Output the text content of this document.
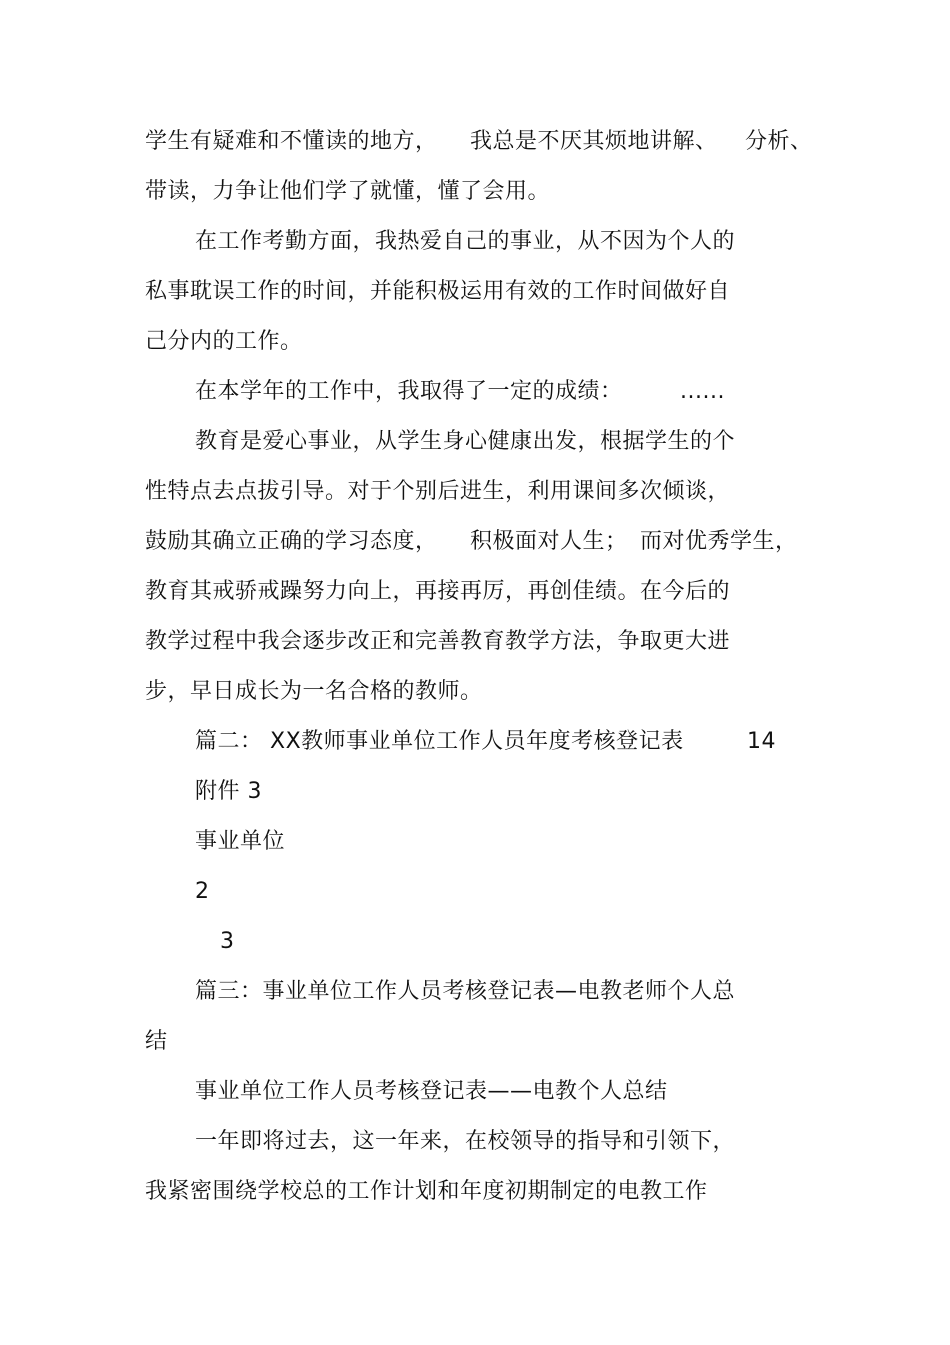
学生有疑难和不懂读的地方， 我总是不厌其烦地讲解、 分析、
带读，力争让他们学了就懂，懂了会用。
在工作考勤方面，我热爱自己的事业，从不因为个人的
私事耽误工作的时间，并能积极运用有效的工作时间做好自
己分内的工作。
在本学年的工作中，我取得了一定的成绩：	......
教育是爱心事业，从学生身心健康出发，根据学生的个
性特点去点拔引导。对于个别后进生，利用课间多次倾谈，
鼓励其确立正确的学习态度， 积极面对人生； 而对优秀学生，
教育其戒骄戒躁努力向上，再接再厉，再创佳绩。在今后的
教学过程中我会逐步改正和完善教育教学方法，争取更大进
步，早日成长为一名合格的教师。
篇二： XX教师事业单位工作人员年度考核登记表	14
附件 3
事业单位
2
3
篇三：事业单位工作人员考核登记表—电教老师个人总
结
事业单位工作人员考核登记表——电教个人总结
一年即将过去，这一年来，在校领导的指导和引领下，
我紧密围绕学校总的工作计划和年度初期制定的电教工作
